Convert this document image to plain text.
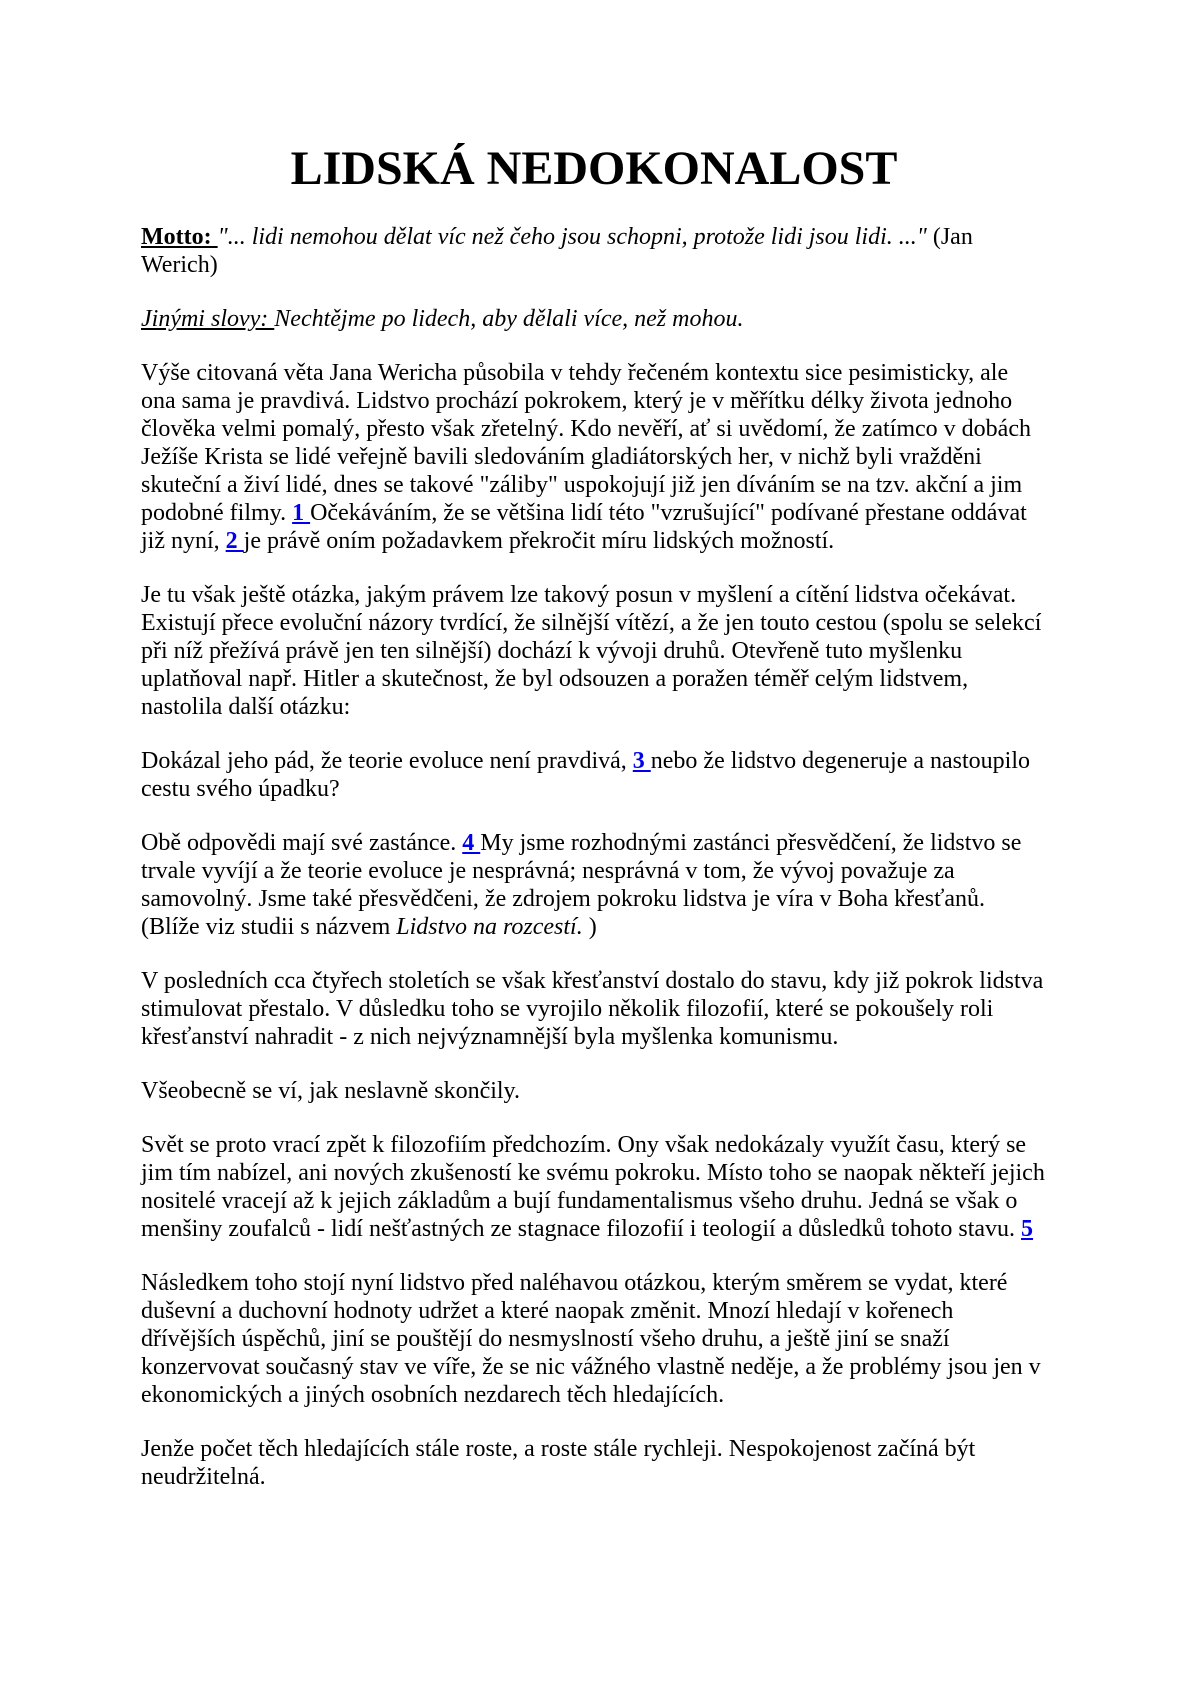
LIDSKÁ NEDOKONALOST

Motto: "... lidi nemohou dělat víc než čeho jsou schopni, protože lidi jsou lidi. ..." (Jan Werich)

Jinými slovy: Nechtějme po lidech, aby dělali více, než mohou.

Výše citovaná věta Jana Wericha působila v tehdy řečeném kontextu sice pesimisticky, ale ona sama je pravdivá. Lidstvo prochází pokrokem, který je v měřítku délky života jednoho člověka velmi pomalý, přesto však zřetelný. Kdo nevěří, ať si uvědomí, že zatímco v dobách Ježíše Krista se lidé veřejně bavili sledováním gladiátorských her, v nichž byli vražděni skuteční a živí lidé, dnes se takové "záliby" uspokojují již jen díváním se na tzv. akční a jim podobné filmy. 1 Očekáváním, že se většina lidí této "vzrušující" podívané přestane oddávat již nyní, 2 je právě oním požadavkem překročit míru lidských možností.

Je tu však ještě otázka, jakým právem lze takový posun v myšlení a cítění lidstva očekávat. Existují přece evoluční názory tvrdící, že silnější vítězí, a že jen touto cestou (spolu se selekcí při níž přežívá právě jen ten silnější) dochází k vývoji druhů. Otevřeně tuto myšlenku uplatňoval např. Hitler a skutečnost, že byl odsouzen a poražen téměř celým lidstvem, nastolila další otázku:

Dokázal jeho pád, že teorie evoluce není pravdivá, 3 nebo že lidstvo degeneruje a nastoupilo cestu svého úpadku?

Obě odpovědi mají své zastánce. 4 My jsme rozhodnými zastánci přesvědčení, že lidstvo se trvale vyvíjí a že teorie evoluce je nesprávná; nesprávná v tom, že vývoj považuje za samovolný. Jsme také přesvědčeni, že zdrojem pokroku lidstva je víra v Boha křesťanů. (Blíže viz studii s názvem Lidstvo na rozcestí. )

V posledních cca čtyřech stoletích se však křesťanství dostalo do stavu, kdy již pokrok lidstva stimulovat přestalo. V důsledku toho se vyrojilo několik filozofií, které se pokoušely roli křesťanství nahradit - z nich nejvýznamnější byla myšlenka komunismu.

Všeobecně se ví, jak neslavně skončily.

Svět se proto vrací zpět k filozofiím předchozím. Ony však nedokázaly využít času, který se jim tím nabízel, ani nových zkušeností ke svému pokroku. Místo toho se naopak někteří jejich nositelé vracejí až k jejich základům a bují fundamentalismus všeho druhu. Jedná se však o menšiny zoufalců - lidí nešťastných ze stagnace filozofií i teologií a důsledků tohoto stavu. 5

Následkem toho stojí nyní lidstvo před naléhavou otázkou, kterým směrem se vydat, které duševní a duchovní hodnoty udržet a které naopak změnit. Mnozí hledají v kořenech dřívějších úspěchů, jiní se pouštějí do nesmyslností všeho druhu, a ještě jiní se snaží konzervovat současný stav ve víře, že se nic vážného vlastně neděje, a že problémy jsou jen v ekonomických a jiných osobních nezdarech těch hledajících.

Jenže počet těch hledajících stále roste, a roste stále rychleji. Nespokojenost začíná být neudržitelná.
